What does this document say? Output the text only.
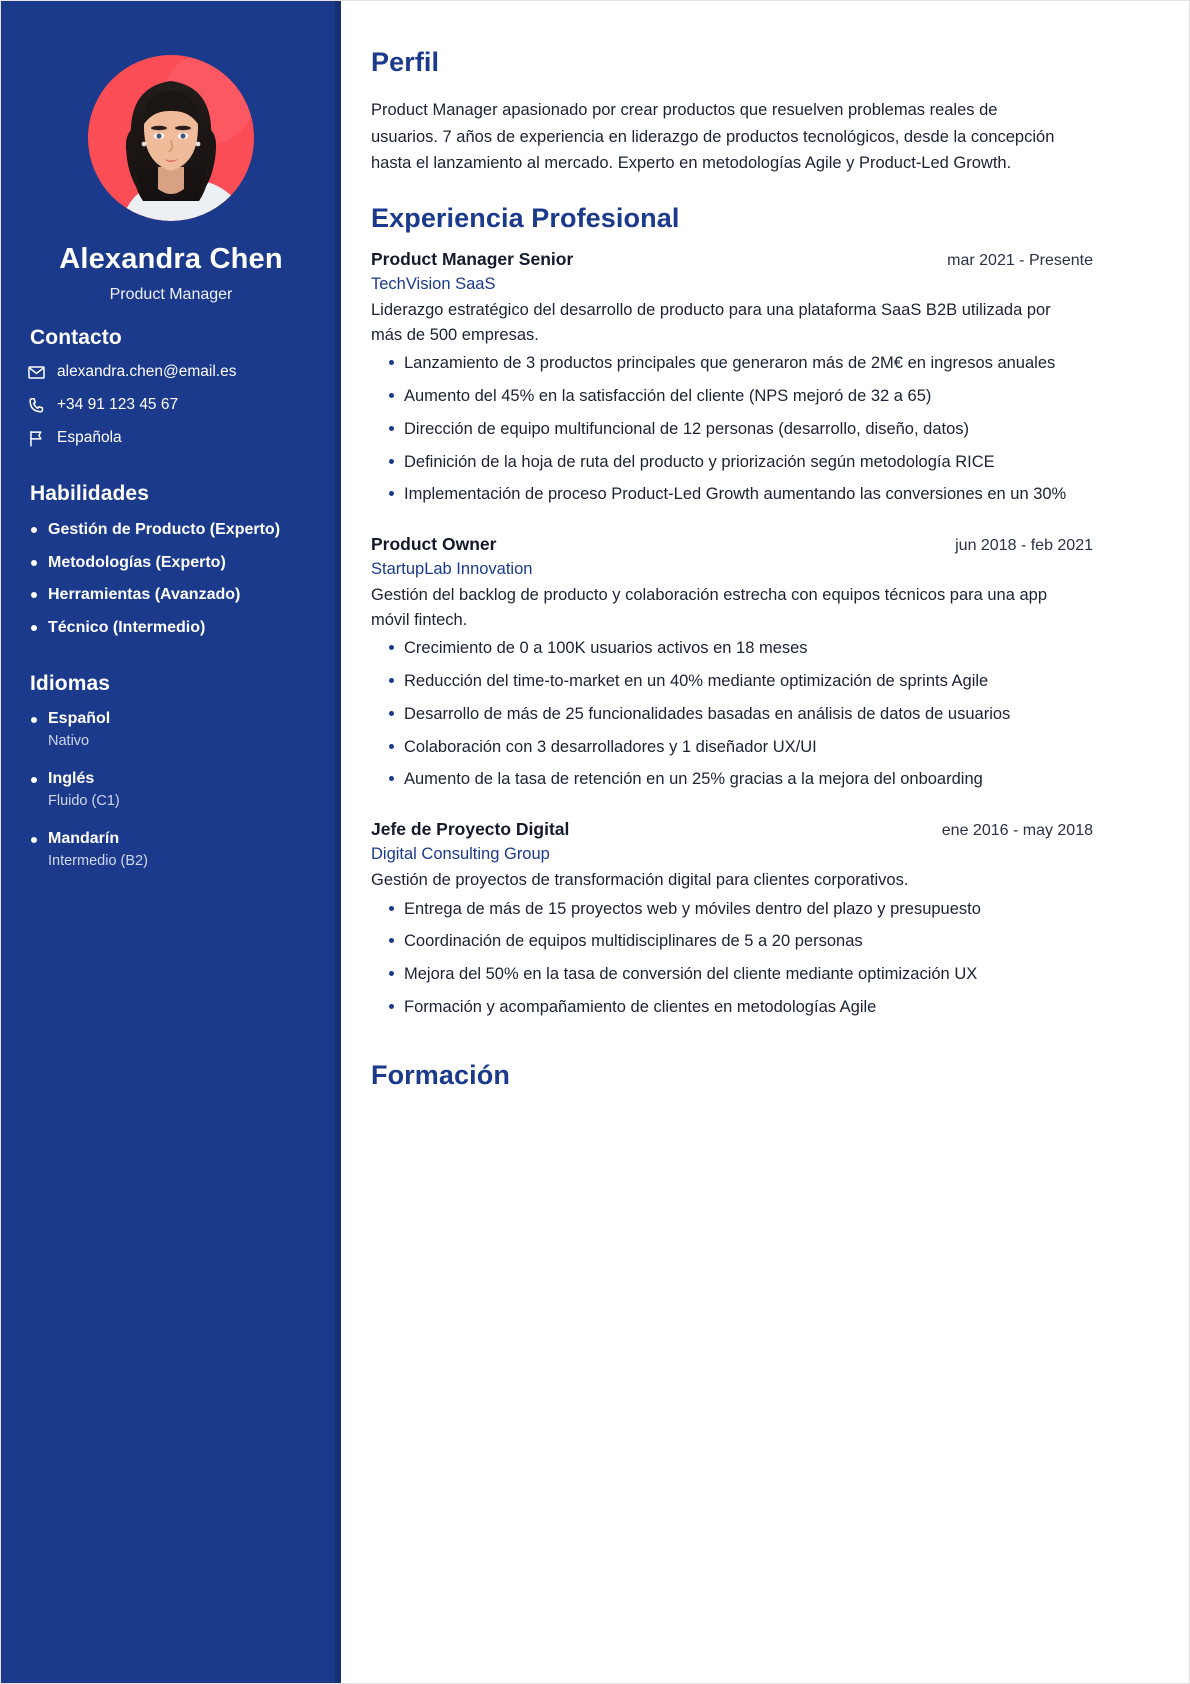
Alexandra Chen
Product Manager
Contacto
alexandra.chen@email.es
+34 91 123 45 67
Española
Habilidades
Gestión de Producto (Experto)
Metodologías (Experto)
Herramientas (Avanzado)
Técnico (Intermedio)
Idiomas
Español
Nativo
Inglés
Fluido (C1)
Mandarín
Intermedio (B2)
Perfil

Product Manager apasionado por crear productos que resuelven problemas reales de usuarios. 7 años de experiencia en liderazgo de productos tecnológicos, desde la concepción hasta el lanzamiento al mercado. Experto en metodologías Agile y Product-Led Growth.

Experiencia Profesional
Product Manager Senior	mar 2021 - Presente
TechVision SaaS
Liderazgo estratégico del desarrollo de producto para una plataforma SaaS B2B utilizada por más de 500 empresas.
Lanzamiento de 3 productos principales que generaron más de 2M€ en ingresos anuales
Aumento del 45% en la satisfacción del cliente (NPS mejoró de 32 a 65)
Dirección de equipo multifuncional de 12 personas (desarrollo, diseño, datos)
Definición de la hoja de ruta del producto y priorización según metodología RICE
Implementación de proceso Product-Led Growth aumentando las conversiones en un 30%
Product Owner	jun 2018 - feb 2021
StartupLab Innovation
Gestión del backlog de producto y colaboración estrecha con equipos técnicos para una app móvil fintech.
Crecimiento de 0 a 100K usuarios activos en 18 meses
Reducción del time-to-market en un 40% mediante optimización de sprints Agile
Desarrollo de más de 25 funcionalidades basadas en análisis de datos de usuarios
Colaboración con 3 desarrolladores y 1 diseñador UX/UI
Aumento de la tasa de retención en un 25% gracias a la mejora del onboarding
Jefe de Proyecto Digital	ene 2016 - may 2018
Digital Consulting Group
Gestión de proyectos de transformación digital para clientes corporativos.
Entrega de más de 15 proyectos web y móviles dentro del plazo y presupuesto
Coordinación de equipos multidisciplinares de 5 a 20 personas
Mejora del 50% en la tasa de conversión del cliente mediante optimización UX
Formación y acompañamiento de clientes en metodologías Agile
Formación
